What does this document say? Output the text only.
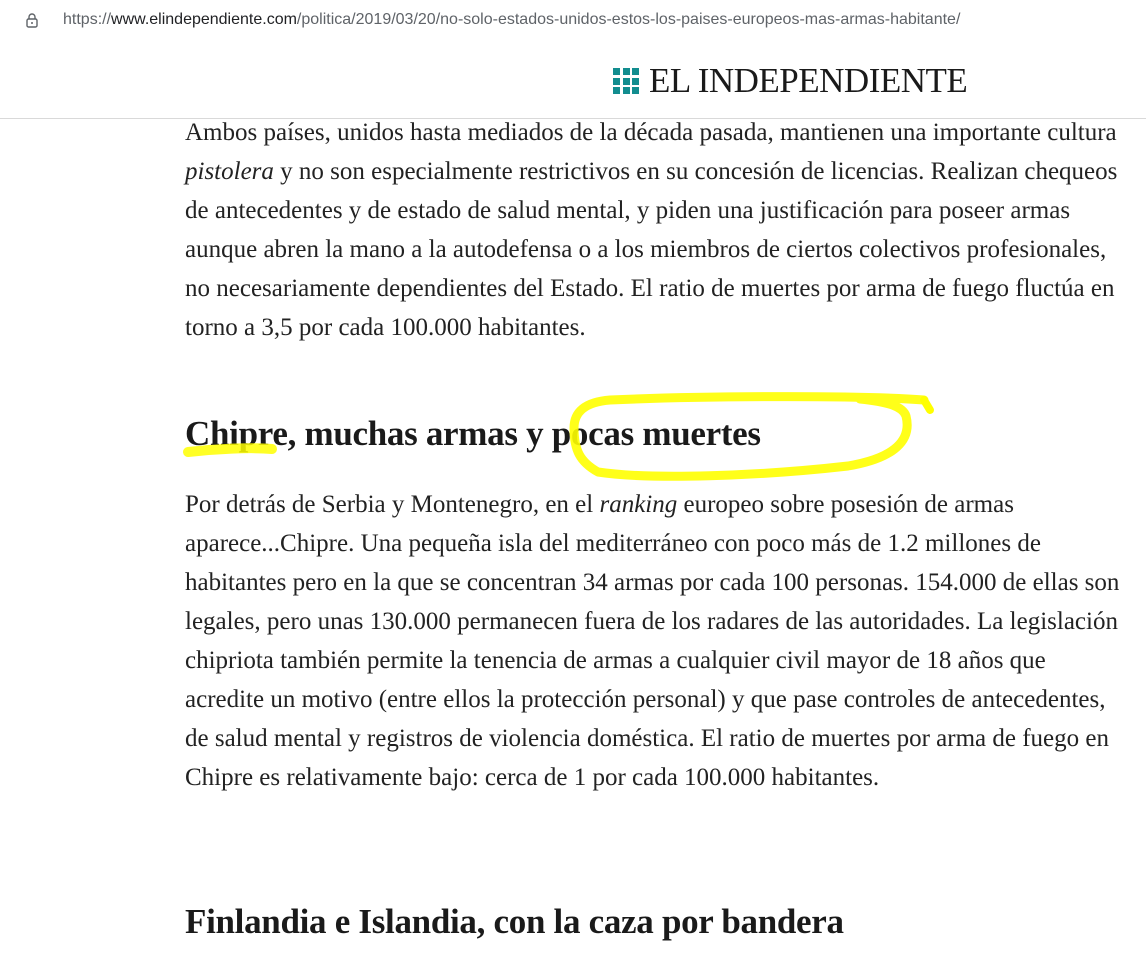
https://www.elindependiente.com/politica/2019/03/20/no-solo-estados-unidos-estos-los-paises-europeos-mas-armas-habitante/
EL INDEPENDIENTE

Ambos países, unidos hasta mediados de la década pasada, mantienen una importante cultura pistolera y no son especialmente restrictivos en su concesión de licencias. Realizan chequeos de antecedentes y de estado de salud mental, y piden una justificación para poseer armas aunque abren la mano a la autodefensa o a los miembros de ciertos colectivos profesionales, no necesariamente dependientes del Estado. El ratio de muertes por arma de fuego fluctúa en torno a 3,5 por cada 100.000 habitantes.

Chipre, muchas armas y pocas muertes

Por detrás de Serbia y Montenegro, en el ranking europeo sobre posesión de armas aparece...Chipre. Una pequeña isla del mediterráneo con poco más de 1.2 millones de habitantes pero en la que se concentran 34 armas por cada 100 personas. 154.000 de ellas son legales, pero unas 130.000 permanecen fuera de los radares de las autoridades. La legislación chipriota también permite la tenencia de armas a cualquier civil mayor de 18 años que acredite un motivo (entre ellos la protección personal) y que pase controles de antecedentes, de salud mental y registros de violencia doméstica. El ratio de muertes por arma de fuego en Chipre es relativamente bajo: cerca de 1 por cada 100.000 habitantes.

Finlandia e Islandia, con la caza por bandera
